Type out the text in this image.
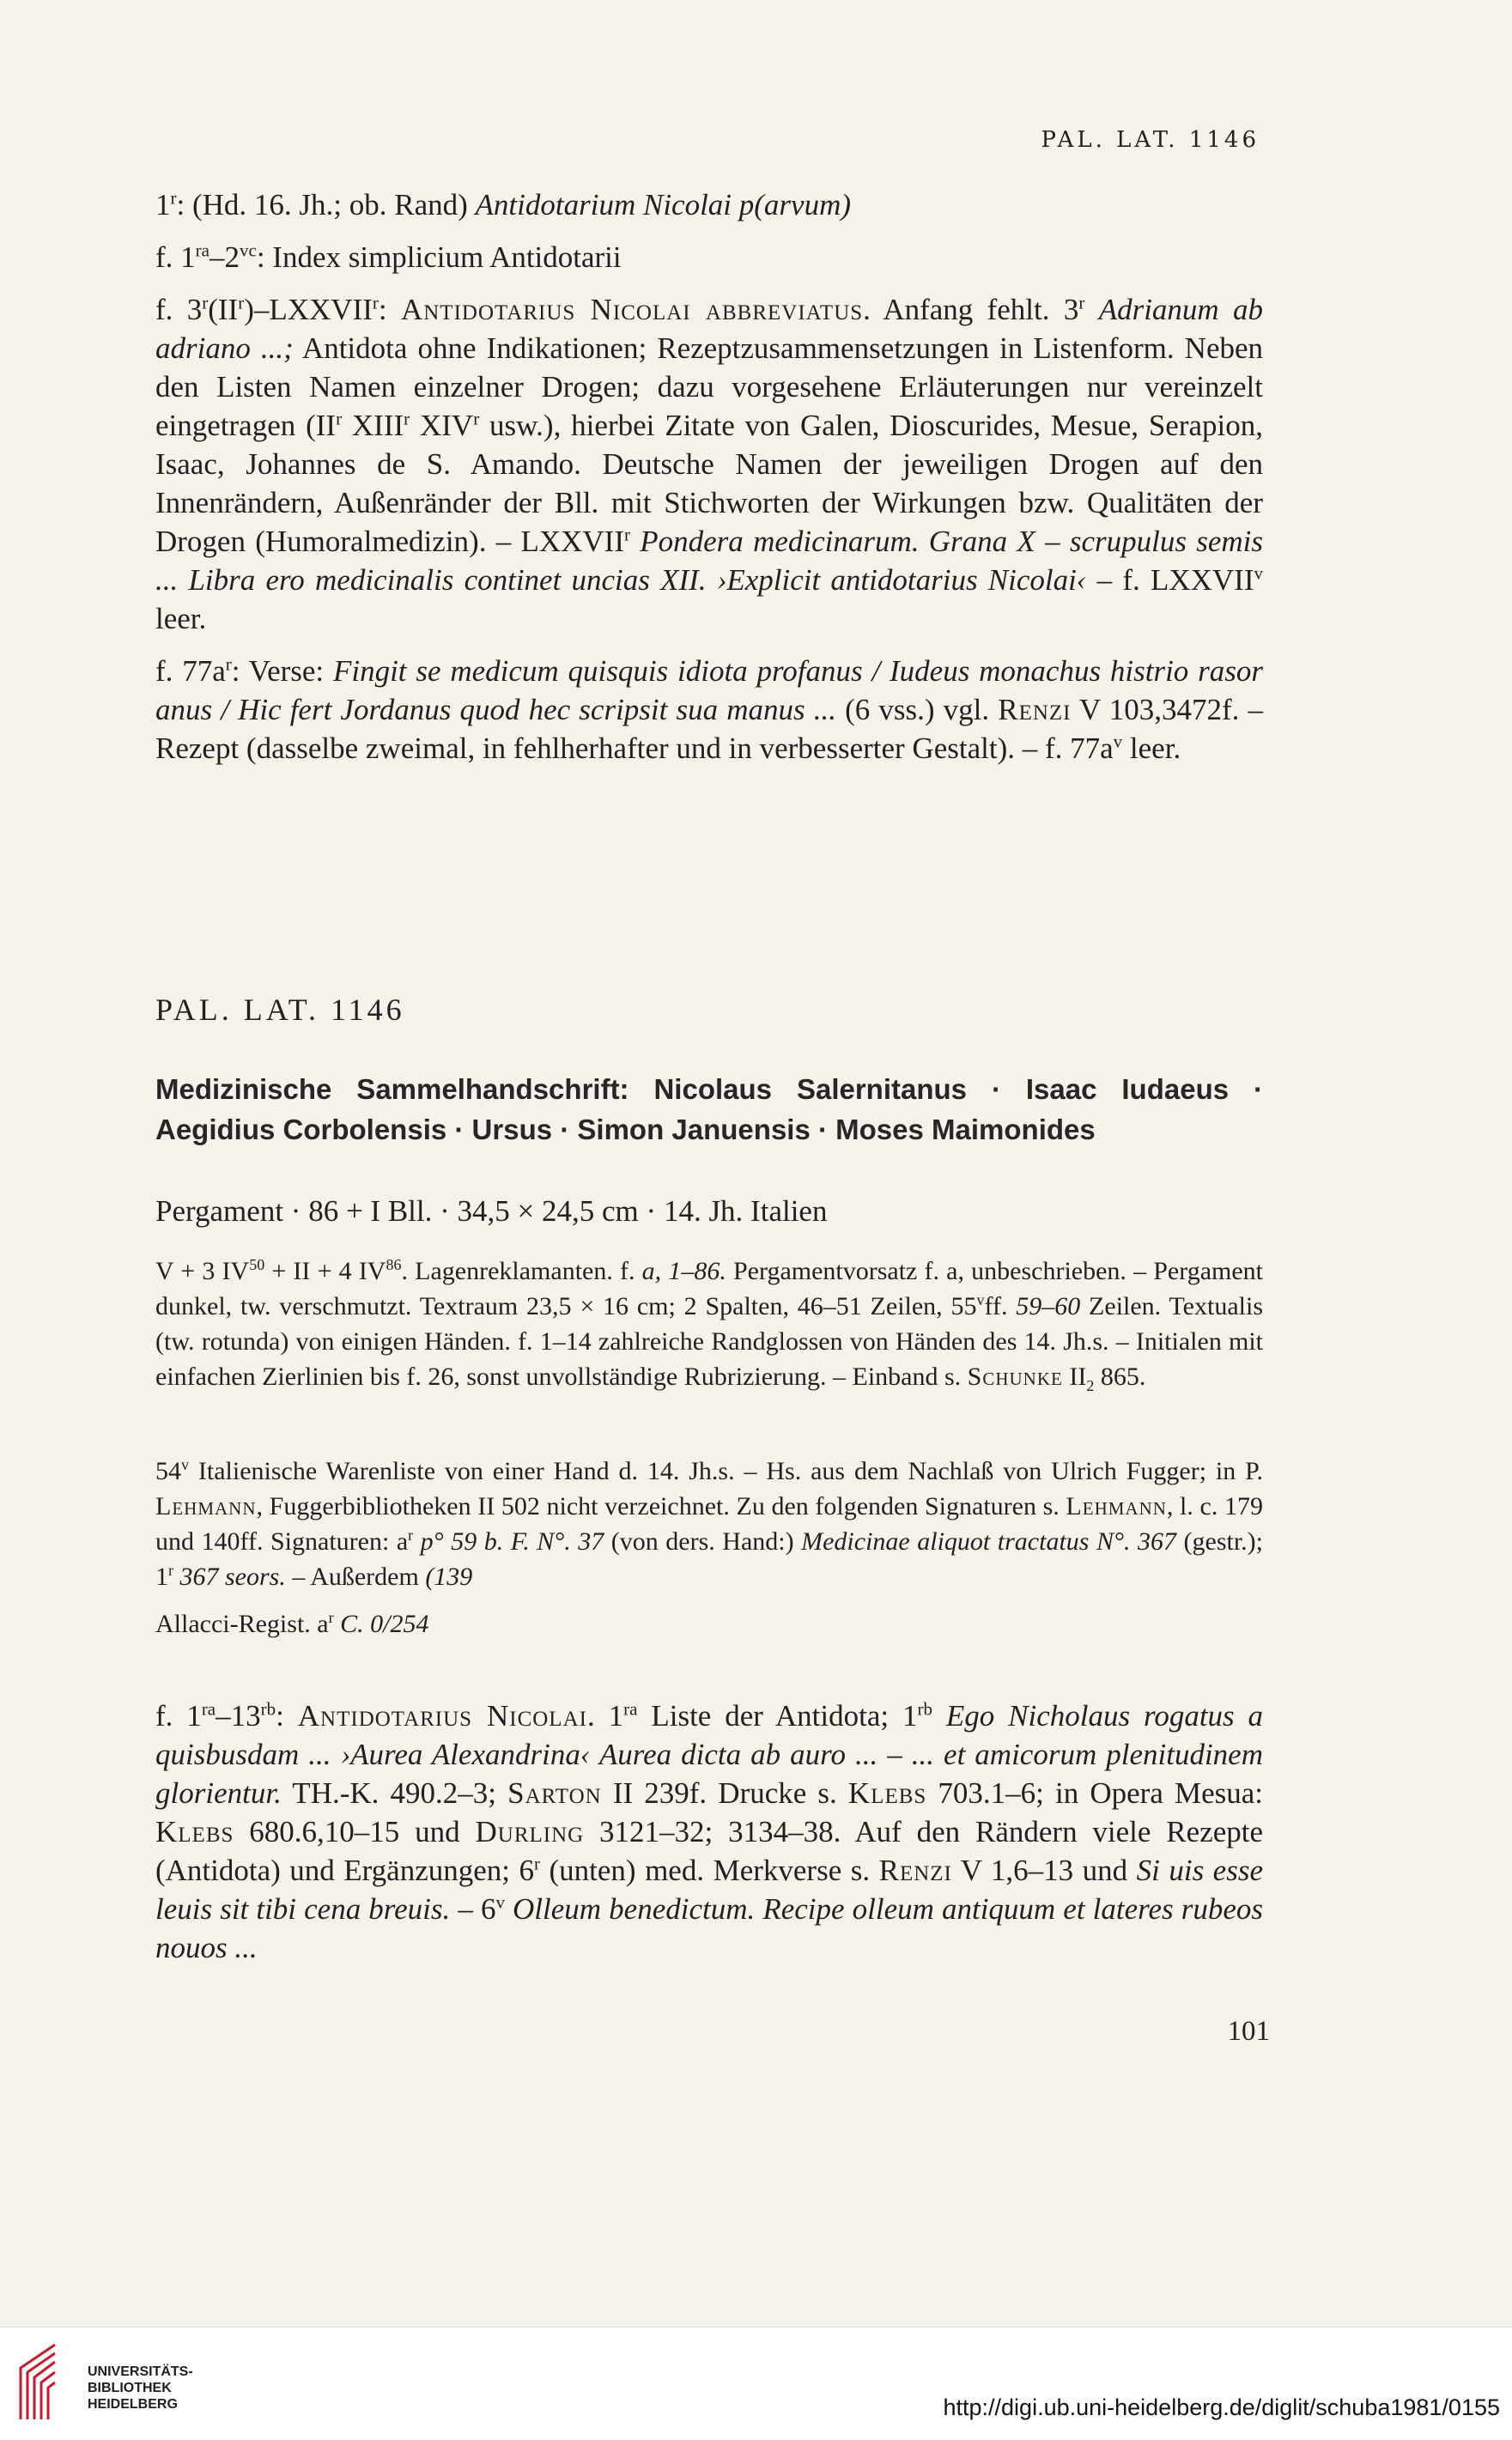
PAL. LAT. 1146

1$^r$: (Hd. 16. Jh.; ob. Rand) Antidotarium Nicolai p(arvum)

f. $1^{ra}-2^{vc}$: Index simplicium Antidotarii

f. $3^r(II^r)-LXXVII^r$: Antidotarius Nicolai abbreviatus. Anfang fehlt. 3$^r$ Adrianum ab adriano ...; Antidota ohne Indikationen; Rezeptzusammensetzungen in Listenform. Neben den Listen Namen einzelner Drogen; dazu vorgesehene Erläuterungen nur vereinzelt eingetragen ($II^r$ XIII$^r$ XIV$^r$ usw.), hierbei Zitate von Galen, Dioscurides, Mesue, Serapion, Isaac, Johannes de S. Amando. Deutsche Namen der jeweiligen Drogen auf den Innenrändern, Außenränder der Bll. mit Stichworten der Wirkungen bzw. Qualitäten der Drogen (Humoralmedizin). – LXXVII$^r$ Pondera medicinarum. Grana X – scrupulus semis ... Libra ero medicinalis continet uncias XII. ›Explicit antidotarius Nicolai‹ – f. LXXVII$^v$ leer.

f. $77a^r$: Verse: Fingit se medicum quisquis idiota profanus / Iudeus monachus histrio rasor anus / Hic fert Jordanus quod hec scripsit sua manus ... (6 vss.) vgl. Renzi V 103,3472f. – Rezept (dasselbe zweimal, in fehlherhafter und in verbesserter Gestalt). – f. $77a^v$ leer.

PAL. LAT. 1146
Medizinische Sammelhandschrift: Nicolaus Salernitanus · Isaac Iudaeus · Aegidius Corbolensis · Ursus · Simon Januensis · Moses Maimonides
Pergament · 86 + I Bll. · 34,5 × 24,5 cm · 14. Jh. Italien
V + 3 $IV^{50}$ + II + 4 IV$^{86}$. Lagenreklamanten. f. a, 1–86. Pergamentvorsatz f. a, unbeschrieben. – Pergament dunkel, tw. verschmutzt. Textraum 23,5 × 16 cm; 2 Spalten, 46–51 Zeilen, 55$^v$ff. 59–60 Zeilen. Textualis (tw. rotunda) von einigen Händen. f. 1–14 zahlreiche Randglossen von Händen des 14. Jh.s. – Initialen mit einfachen Zierlinien bis f. 26, sonst unvollständige Rubrizierung. – Einband s. Schunke $II_2$ 865.
54$^v$ Italienische Warenliste von einer Hand d. 14. Jh.s. – Hs. aus dem Nachlaß von Ulrich Fugger; in P. Lehmann, Fuggerbibliotheken II 502 nicht verzeichnet. Zu den folgenden Signaturen s. Lehmann, l. c. 179 und 140ff. Signaturen: $a^r$ p° 59 b. F. N°. 37 (von ders. Hand:) Medicinae aliquot tractatus N°. 367 (gestr.); 1$^r$ 367 seors. – Außerdem (139
Allacci-Regist. $a^r$ C. 0/254
f. $1^{ra}-13^{rb}$: Antidotarius Nicolai. $1^{ra}$ Liste der Antidota; $1^{rb}$ Ego Nicholaus rogatus a quisbusdam ... ›Aurea Alexandrina‹ Aurea dicta ab auro ... – ... et amicorum plenitudinem glorientur. TH.-K. 490.2–3; Sarton II 239f. Drucke s. Klebs 703.1–6; in Opera Mesua: Klebs 680.6,10–15 und Durling 3121–32; 3134–38. Auf den Rändern viele Rezepte (Antidota) und Ergänzungen; 6$^r$ (unten) med. Merkverse s. Renzi V 1,6–13 und Si uis esse leuis sit tibi cena breuis. – 6$^v$ Olleum benedictum. Recipe olleum antiquum et lateres rubeos nouos ...
101
UNIVERSITÄTS-
BIBLIOTHEK
HEIDELBERG	http://digi.ub.uni-heidelberg.de/diglit/schuba1981/0155
